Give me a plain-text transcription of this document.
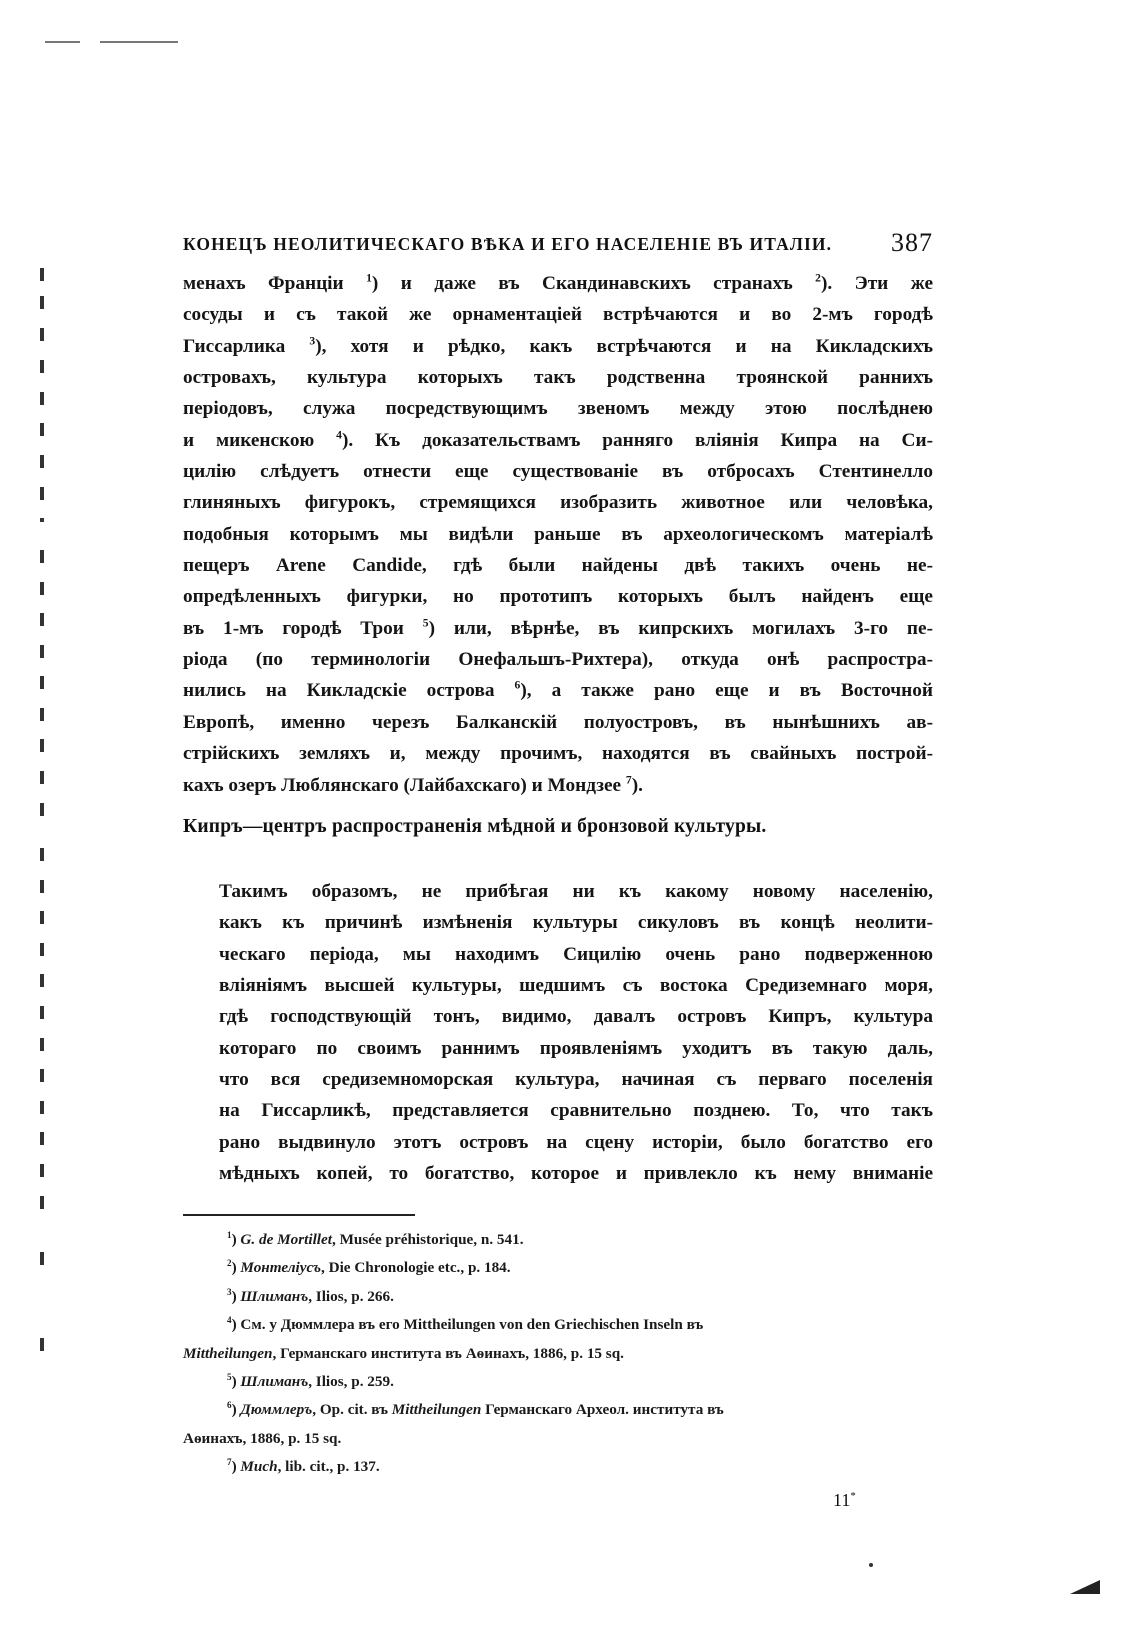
КОНЕЦЪ НЕОЛИТИЧЕСКАГО ВѢКА И ЕГО НАСЕЛЕНІЕ ВЪ ИТАЛІИ. 387
менахъ Франціи $^1$) и даже въ Скандинавскихъ странахъ $^2$). Эти же
сосуды и съ такой же орнаментаціей встрѣчаются и во 2-мъ городѣ
Гиссарлика $^3$), хотя и рѣдко, какъ встрѣчаются и на Кикладскихъ
островахъ, культура которыхъ такъ родственна троянской раннихъ
періодовъ, служа посредствующимъ звеномъ между этою послѣднею
и микенскою $^4$). Къ доказательствамъ ранняго вліянія Кипра на Си-
цилію слѣдуетъ отнести еще существованіе въ отбросахъ Стентинелло
глиняныхъ фигурокъ, стремящихся изобразить животное или человѣка,
подобныя которымъ мы видѣли раньше въ археологическомъ матеріалѣ
пещеръ Arene Candide, гдѣ были найдены двѣ такихъ очень не-
опредѣленныхъ фигурки, но прототипъ которыхъ былъ найденъ еще
въ 1-мъ городѣ Трои $^5$) или, вѣрнѣе, въ кипрскихъ могилахъ 3-го пе-
ріода (по терминологіи Онефальшъ-Рихтера), откуда онѣ распростра-
нились на Кикладскіе острова $^6$), а также рано еще и въ Восточной
Европѣ, именно черезъ Балканскій полуостровъ, въ нынѣшнихъ ав-
стрійскихъ земляхъ и, между прочимъ, находятся въ свайныхъ построй-
кахъ озеръ Люблянскаго (Лайбахскаго) и Мондзее $^7$).
Кипръ—центръ распространенія мѣдной и бронзовой культуры.
Такимъ образомъ, не прибѣгая ни къ какому новому населенію,
какъ къ причинѣ измѣненія культуры сикуловъ въ концѣ неолити-
ческаго періода, мы находимъ Сицилію очень рано подверженною
вліяніямъ высшей культуры, шедшимъ съ востока Средиземнаго моря,
гдѣ господствующій тонъ, видимо, давалъ островъ Кипръ, культура
котораго по своимъ раннимъ проявленіямъ уходитъ въ такую даль,
что вся средиземноморская культура, начиная съ перваго поселенія
на Гиссарликѣ, представляется сравнительно позднею. То, что такъ
рано выдвинуло этотъ островъ на сцену исторіи, было богатство его
мѣдныхъ копей, то богатство, которое и привлекло къ нему вниманіе
$^1$) G. de Mortillet, Musée préhistorique, n. 541.
$^2$) Монтеліусъ, Die Chronologie etc., p. 184.
$^3$) Шлиманъ, Ilios, p. 266.
$^4$) См. у Дюммлера въ его Mittheilungen von den Griechischen Inseln въ
Mittheilungen, Германскаго института въ Аѳинахъ, 1886, p. 15 sq.
$^5$) Шлиманъ, Ilios, p. 259.
$^6$) Дюммлеръ, Op. cit. въ Mittheilungen Германскаго Археол. института въ
Аѳинахъ, 1886, p. 15 sq.
$^7$) Much, lib. cit., p. 137.
11*
